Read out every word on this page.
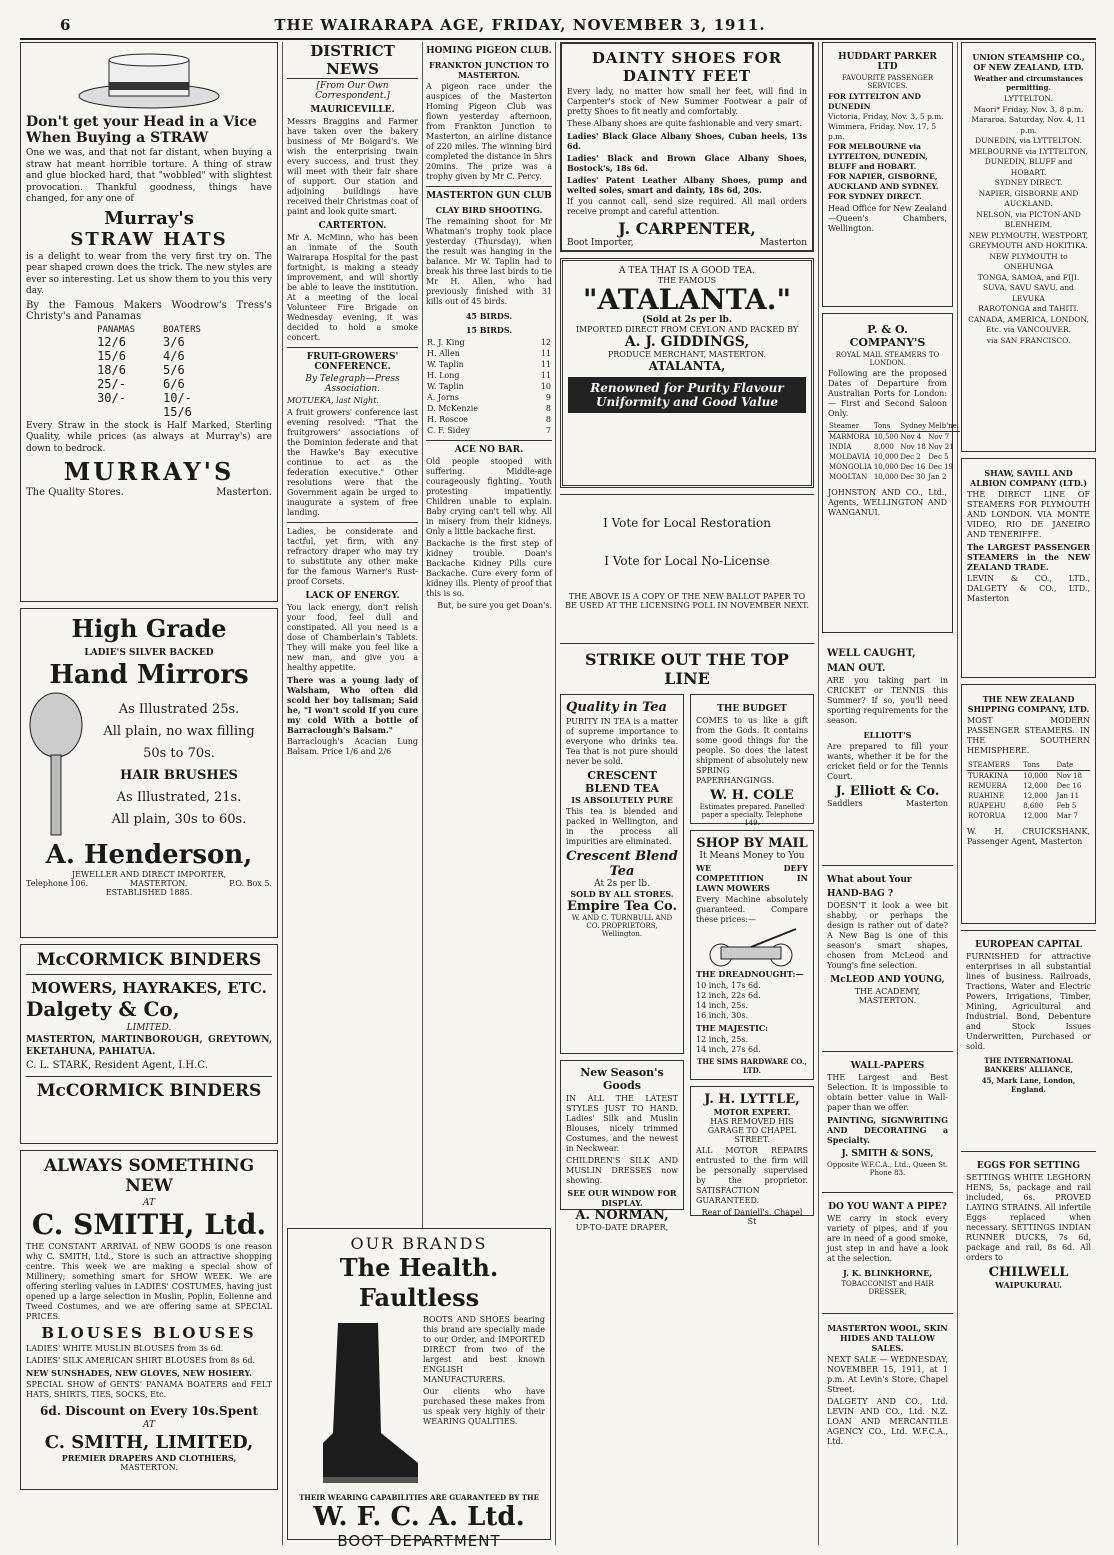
6	THE WAIRARAPA AGE, FRIDAY, NOVEMBER 3, 1911.
Don't get your Head in a Vice When Buying a STRAW
One we was, and that not far distant, when buying a straw hat meant horrible torture. A thing of straw and glue blocked hard, that "wobbled" with slightest provocation. Thankful goodness, things have changed, for any one of
Murray's
STRAW HATS
is a delight to wear from the very first try on. The pear shaped crown does the trick. The new styles are ever so interesting. Let us show them to you this very day.
By the Famous Makers Woodrow's Tress's Christy's and Panamas
PANAMAS	BOATERS
12/6	3/6
15/6	4/6
18/6	5/6
25/-	6/6
30/-	10/-
	15/6
Every Straw in the stock is Half Marked, Sterling Quality, while prices (as always at Murray's) are down to bedrock.
MURRAY'S
The Quality Stores.	Masterton.
High Grade
LADIE'S SILVER BACKED
Hand Mirrors
As Illustrated 25s.
All plain, no wax filling
50s to 70s.
HAIR BRUSHES
As Illustrated, 21s.
All plain, 30s to 60s.
A. Henderson,
JEWELLER AND DIRECT IMPORTER,
Telephone 106.	MASTERTON.	P.O. Box 5.
ESTABLISHED 1885.
McCORMICK BINDERS
MOWERS, HAYRAKES, ETC.
Dalgety & Co,
LIMITED.
MASTERTON, MARTINBOROUGH, GREYTOWN, EKETAHUNA, PAHIATUA.
C. L. STARK, Resident Agent, I.H.C.
McCORMICK BINDERS
ALWAYS SOMETHING NEW
AT
C. SMITH, Ltd.
THE CONSTANT ARRIVAL of NEW GOODS is one reason why C. SMITH, Ltd., Store is such an attractive shopping centre. This week we are making a special show of Millinery; something smart for SHOW WEEK. We are offering sterling values in LADIES' COSTUMES, having just opened up a large selection in Muslin, Poplin, Eolienne and Tweed Costumes, and we are offering same at SPECIAL PRICES.
BLOUSES BLOUSES
LADIES' WHITE MUSLIN BLOUSES from 3s 6d.
LADIES' SILK AMERICAN SHIRT BLOUSES from 8s 6d.
NEW SUNSHADES, NEW GLOVES, NEW HOSIERY.
SPECIAL SHOW of GENTS' PANAMA BOATERS and FELT HATS, SHIRTS, TIES, SOCKS, Etc.
6d. Discount on Every 10s.Spent
AT
C. SMITH, LIMITED,
PREMIER DRAPERS AND CLOTHIERS,
MASTERTON.
DISTRICT NEWS
[From Our Own Correspondent.]
MAURICEVILLE.
Messrs Braggins and Farmer have taken over the bakery business of Mr Boigard's. We wish the enterprising twain every success, and trust they will meet with their fair share of support. Our station and adjoining buildings have received their Christmas coat of paint and look quite smart.
CARTERTON.
Mr A. McMinn, who has been an inmate of the South Wairarapa Hospital for the past fortnight, is making a steady improvement, and will shortly be able to leave the institution. At a meeting of the local Volunteer Fire Brigade on Wednesday evening, it was decided to hold a smoke concert.
FRUIT-GROWERS' CONFERENCE.
By Telegraph—Press Association.
MOTUEKA, last Night.
A fruit growers' conference last evening resolved: "That the fruitgrowers' associations of the Dominion federate and that the Hawke's Bay executive continue to act as the federation executive." Other resolutions were that the Government again be urged to inaugurate a system of free landing.
Ladies, be considerate and tactful, yet firm, with any refractory draper who may try to substitute any other make for the famous Warner's Rust-proof Corsets.
LACK OF ENERGY.
You lack energy, don't relish your food, feel dull and constipated. All you need is a dose of Chamberlain's Tablets. They will make you feel like a new man, and give you a healthy appetite.
There was a young lady of Walsham, Who often did scold her boy talisman; Said he, "I won't scold If you cure my cold With a bottle of Barraclough's Balsam."
Barraclough's Acacian Lung Balsam. Price 1/6 and 2/6
HOMING PIGEON CLUB.
FRANKTON JUNCTION TO MASTERTON.
A pigeon race under the auspices of the Masterton Homing Pigeon Club was flown yesterday afternoon, from Frankton Junction to Masterton, an airline distance of 220 miles. The winning bird completed the distance in 5hrs 20mins. The prize was a trophy given by Mr C. Percy.
MASTERTON GUN CLUB
CLAY BIRD SHOOTING.
The remaining shoot for Mr Whatman's trophy took place yesterday (Thursday), when the result was hanging in the balance. Mr W. Taplin had to break his three last birds to tie Mr H. Allen, who had previously finished with 31 kills out of 45 birds.
45 BIRDS.
15 BIRDS.
R. J. King	12
H. Allen	11
W. Taplin	11
H. Long	11
W. Taplin	10
A. Jorns	9
D. McKenzie	8
H. Roscoe	8
C. F. Sidey	7
ACE NO BAR.
Old people stooped with suffering. Middle-age courageously fighting. Youth protesting impatiently. Children unable to explain. Baby crying can't tell why. All in misery from their kidneys. Only a little backache first.
Backache is the first step of kidney trouble. Doan's Backache Kidney Pills cure Backache. Cure every form of kidney ills. Plenty of proof that this is so.
But, be sure you get Doan's.
DAINTY SHOES FOR DAINTY FEET
Every lady, no matter how small her feet, will find in Carpenter's stock of New Summer Footwear a pair of pretty Shoes to fit neatly and comfortably.
These Albany shoes are quite fashionable and very smart.
Ladies' Black Glace Albany Shoes, Cuban heels, 13s 6d.
Ladies' Black and Brown Glace Albany Shoes, Bostock's, 18s 6d.
Ladies' Patent Leather Albany Shoes, pump and welted soles, smart and dainty, 18s 6d, 20s.
If you cannot call, send size required. All mail orders receive prompt and careful attention.
J. CARPENTER,
Boot Importer,	Masterton
A TEA THAT IS A GOOD TEA.
THE FAMOUS
"ATALANTA."
(Sold at 2s per lb.
IMPORTED DIRECT FROM CEYLON AND PACKED BY
A. J. GIDDINGS,
PRODUCE MERCHANT, MASTERTON.
ATALANTA,
Renowned for Purity Flavour Uniformity and Good Value
I Vote for Local Restoration
I Vote for Local No-License
THE ABOVE IS A COPY OF THE NEW BALLOT PAPER TO BE USED AT THE LICENSING POLL IN NOVEMBER NEXT.
STRIKE OUT THE TOP LINE
Quality in Tea
PURITY IN TEA is a matter of supreme importance to everyone who drinks tea. Tea that is not pure should never be sold.
CRESCENT BLEND TEA
IS ABSOLUTELY PURE
This tea is blended and packed in Wellington, and in the process all impurities are eliminated.
Crescent Blend Tea
At 2s per lb.
SOLD BY ALL STORES.
Empire Tea Co.
W. AND C. TURNBULL AND CO. PROPRIETORS, Wellington.
New Season's Goods
IN ALL THE LATEST STYLES JUST TO HAND. Ladies' Silk and Muslin Blouses, nicely trimmed Costumes, and the newest in Neckwear.
CHILDREN'S SILK AND MUSLIN DRESSES now showing.
SEE OUR WINDOW FOR DISPLAY.
A. NORMAN,
UP-TO-DATE DRAPER,
THE BUDGET
COMES to us like a gift from the Gods. It contains some good things for the people. So does the latest shipment of absolutely new SPRING PAPERHANGINGS.
W. H. COLE
Estimates prepared. Panelled paper a specialty. Telephone 149.
SHOP BY MAIL
It Means Money to You
WE DEFY COMPETITION IN LAWN MOWERS
Every Machine absolutely guaranteed. Compare these prices:—
THE DREADNOUGHT:—
10 inch, 17s 6d.
12 inch, 22s 6d.
14 inch, 25s.
16 inch, 30s.
THE MAJESTIC:
12 inch, 25s.
14 inch, 27s 6d.
THE SIMS HARDWARE CO., LTD.
J. H. LYTTLE,
MOTOR EXPERT.
HAS REMOVED HIS GARAGE TO CHAPEL STREET.
ALL MOTOR REPAIRS entrusted to the firm will be personally supervised by the proprietor. SATISFACTION GUARANTEED.
Rear of Daniell's, Chapel St
OUR BRANDS
The Health. Faultless
BOOTS AND SHOES bearing this brand are specially made to our Order, and IMPORTED DIRECT from two of the largest and best known ENGLISH MANUFACTURERS.
Our clients who have purchased these makes from us speak very highly of their WEARING QUALITIES.
THEIR WEARING CAPABILITIES ARE GUARANTEED BY THE
W. F. C. A. Ltd.
BOOT DEPARTMENT
HUDDART PARKER LTD
FAVOURITE PASSENGER SERVICES.
FOR LYTTELTON AND DUNEDIN
Victoria, Friday, Nov. 3, 5 p.m.
Wimmera, Friday, Nov. 17, 5 p.m.
FOR MELBOURNE via LYTTELTON, DUNEDIN, BLUFF and HOBART.
FOR NAPIER, GISBORNE, AUCKLAND AND SYDNEY.
FOR SYDNEY DIRECT.
Head Office for New Zealand—Queen's Chambers, Wellington.
P. & O. COMPANY'S
ROYAL MAIL STEAMERS TO LONDON.
Following are the proposed Dates of Departure from Australian Ports for London:— First and Second Saloon Only.
Steamer	Tons	Sydney	Melb'ne.
MARMORA	10,500	Nov 4	Nov 7
INDIA	8,000	Nov 18	Nov 21
MOLDAVIA	10,000	Dec 2	Dec 5
MONGOLIA	10,000	Dec 16	Dec 19
MOOLTAN	10,000	Dec 30	Jan 2
JOHNSTON AND CO., Ltd., Agents, WELLINGTON AND WANGANUI.
WELL CAUGHT,
MAN OUT.
ARE you taking part in CRICKET or TENNIS this Summer? If so, you'll need sporting requirements for the season.
ELLIOTT'S
Are prepared to fill your wants, whether it be for the cricket field or for the Tennis Court.
J. Elliott & Co.
Saddlers	Masterton
What about Your
HAND-BAG ?
DOESN'T it look a wee bit shabby, or perhaps the design is rather out of date? A New Bag is one of this season's smart shapes, chosen from McLeod and Young's fine selection.
McLEOD AND YOUNG,
THE ACADEMY,
MASTERTON.
WALL-PAPERS
THE Largest and Best Selection. It is impossible to obtain better value in Wall-paper than we offer.
PAINTING, SIGNWRITING AND DECORATING a Specialty.
J. SMITH & SONS,
Opposite W.F.C.A., Ltd., Queen St. Phone 83.
DO YOU WANT A PIPE?
WE carry in stock every variety of pipes, and if you are in need of a good smoke, just step in and have a look at the selection.
J. K. BLINKHORNE,
TOBACCONIST and HAIR DRESSER,
MASTERTON WOOL, SKIN HIDES AND TALLOW SALES.
NEXT SALE — WEDNESDAY, NOVEMBER 15, 1911, at 1 p.m. At Levin's Store, Chapel Street.
DALGETY AND CO., Ltd. LEVIN AND CO., Ltd. N.Z. LOAN AND MERCANTILE AGENCY CO., Ltd. W.F.C.A., Ltd.
UNION STEAMSHIP CO., OF NEW ZEALAND, LTD.
Weather and circumstances permitting.
LYTTELTON.
Maori* Friday, Nov. 3, 8 p.m.
Mararoa, Saturday, Nov. 4, 11 p.m.
DUNEDIN, via LYTTELTON.
MELBOURNE via LYTTELTON, DUNEDIN, BLUFF and HOBART.
SYDNEY DIRECT.
NAPIER, GISBORNE AND AUCKLAND.
NELSON, via PICTON AND BLENHEIM.
NEW PLYMOUTH, WESTPORT, GREYMOUTH AND HOKITIKA.
NEW PLYMOUTH to ONEHUNGA
TONGA, SAMOA, and FIJI.
SUVA, SAVU SAVU, and LEVUKA
RAROTONGA and TAHITI.
CANADA, AMERICA, LONDON, Etc. via VANCOUVER.
via SAN FRANCISCO.
SHAW, SAVILL AND ALBION COMPANY (LTD.)
THE DIRECT LINE OF STEAMERS FOR PLYMOUTH AND LONDON. VIA MONTE VIDEO, RIO DE JANEIRO AND TENERIFFE.
The LARGEST PASSENGER STEAMERS in the NEW ZEALAND TRADE.
LEVIN & CO., LTD., DALGETY & CO., LTD., Masterton
THE NEW ZEALAND SHIPPING COMPANY, LTD.
MOST MODERN PASSENGER STEAMERS. IN THE SOUTHERN HEMISPHERE.
STEAMERS	Tons	Date
TURAKINA	10,000	Nov 18
REMUERA	12,000	Dec 16
RUAHINE	12,000	Jan 11
RUAPEHU	8,600	Feb 5
ROTORUA	12,000	Mar 7
W. H. CRUICKSHANK, Passenger Agent, Masterton
EUROPEAN CAPITAL
FURNISHED for attractive enterprises in all substantial lines of business. Railroads, Tractions, Water and Electric Powers, Irrigations, Timber, Mining, Agricultural and Industrial. Bond, Debenture and Stock Issues Underwritten, Purchased or sold.
THE INTERNATIONAL BANKERS' ALLIANCE,
45, Mark Lane, London, England.
EGGS FOR SETTING
SETTINGS WHITE LEGHORN HENS, 5s, package and rail included, 6s. PROVED LAYING STRAINS. All infertile Eggs replaced when necessary. SETTINGS INDIAN RUNNER DUCKS, 7s 6d, package and rail, 8s 6d. All orders to
CHILWELL
WAIPUKURAU.
